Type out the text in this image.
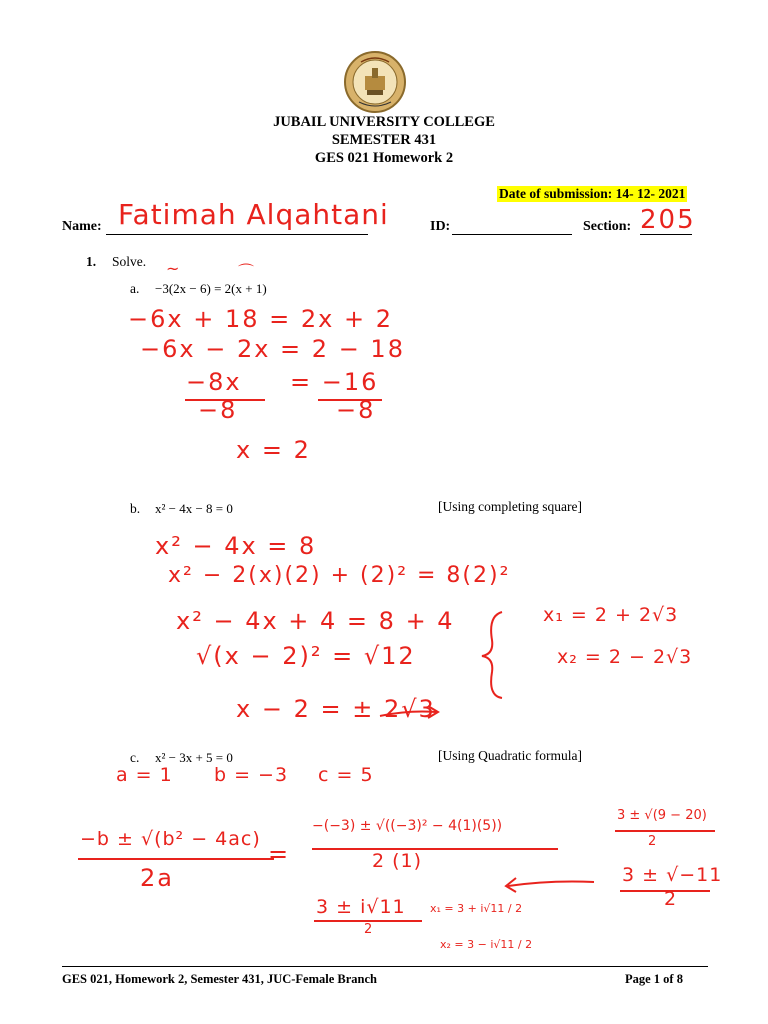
JUBAIL UNIVERSITY COLLEGE
SEMESTER 431
GES 021 Homework 2
Date of submission: 14- 12- 2021
Name: Fatimah Alqahtani	ID:	Section: 205
1. Solve.
a. −3(2x − 6) = 2(x + 1)
~	⌒
−6x + 18 = 2x + 2
−6x − 2x = 2 − 18
−8x = −16
−8	−8
x = 2
b. x² − 4x − 8 = 0	[Using completing square]
x² − 4x = 8
x² − 2(x)(2) + (2)² = 8(2)²
x² − 4x + 4 = 8 + 4
√(x − 2)² = √12
x − 2 = ± 2√3
x₁ = 2 + 2√3
x₂ = 2 − 2√3
c. x² − 3x + 5 = 0	[Using Quadratic formula]
a = 1 b = −3 c = 5
−b ± √(b² − 4ac)
2a
=
−(−3) ± √((−3)² − 4(1)(5))
2 (1)
3 ± √(9 − 20)
2
3 ± √−11
2
3 ± i√11
2
x₁ = 3 + i√11 / 2
x₂ = 3 − i√11 / 2
GES 021, Homework 2, Semester 431, JUC-Female Branch	Page 1 of 8
